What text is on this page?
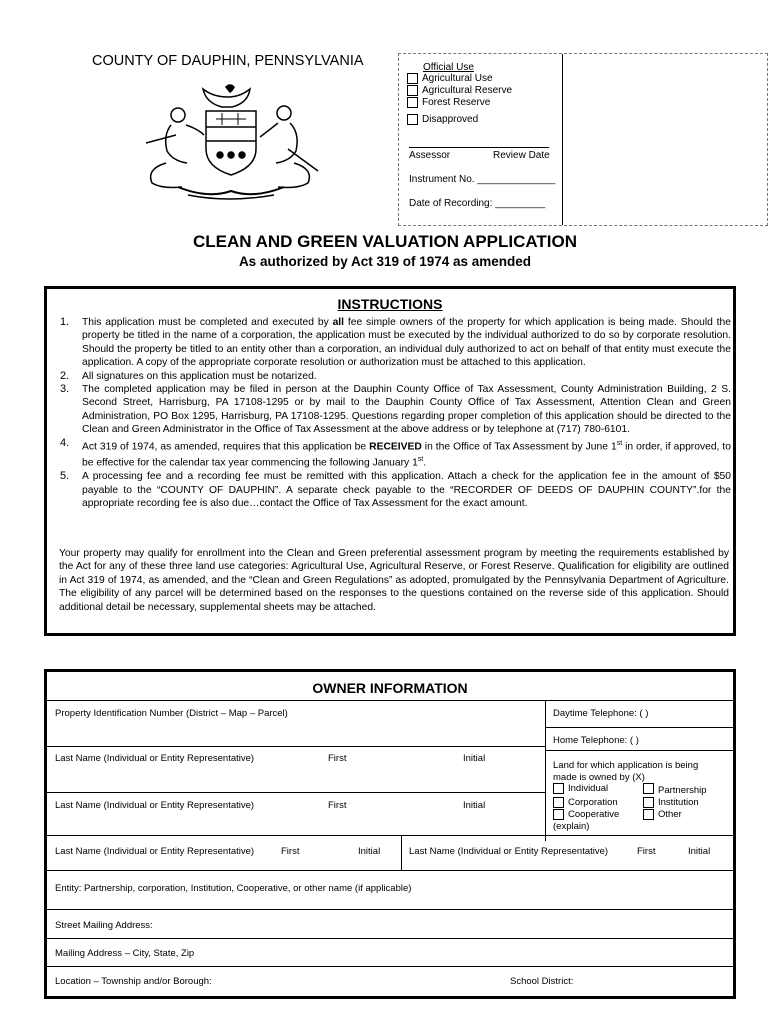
COUNTY OF DAUPHIN, PENNSYLVANIA	Official Use
Agricultural Use
Agricultural Reserve
Forest Reserve
Disapproved
Assessor	Review Date
Instrument No. ______________
Date of Recording: _________
CLEAN AND GREEN VALUATION APPLICATION
As authorized by Act 319 of 1974 as amended
INSTRUCTIONS
1. This application must be completed and executed by all fee simple owners of the property for which application is being made. Should the property be titled in the name of a corporation, the application must be executed by the individual authorized to do so by corporate resolution. Should the property be titled to an entity other than a corporation, an individual duly authorized to act on behalf of that entity must execute the application. A copy of the appropriate corporate resolution or authorization must be attached to this application.
2. All signatures on this application must be notarized.
3. The completed application may be filed in person at the Dauphin County Office of Tax Assessment, County Administration Building, 2 S. Second Street, Harrisburg, PA 17108-1295 or by mail to the Dauphin County Office of Tax Assessment, Attention Clean and Green Administration, PO Box 1295, Harrisburg, PA 17108-1295. Questions regarding proper completion of this application should be directed to the Clean and Green Administrator in the Office of Tax Assessment at the above address or by telephone at (717) 780-6101.
4. Act 319 of 1974, as amended, requires that this application be RECEIVED in the Office of Tax Assessment by June 1st in order, if approved, to be effective for the calendar tax year commencing the following January 1st.
5. A processing fee and a recording fee must be remitted with this application. Attach a check for the application fee in the amount of $50 payable to the “COUNTY OF DAUPHIN”. A separate check payable to the “RECORDER OF DEEDS OF DAUPHIN COUNTY”.for the appropriate recording fee is also due…contact the Office of Tax Assessment for the exact amount.

Your property may qualify for enrollment into the Clean and Green preferential assessment program by meeting the requirements established by the Act for any of these three land use categories: Agricultural Use, Agricultural Reserve, or Forest Reserve. Qualification for eligibility are outlined in Act 319 of 1974, as amended, and the “Clean and Green Regulations” as adopted, promulgated by the Pennsylvania Department of Agriculture. The eligibility of any parcel will be determined based on the responses to the questions contained on the reverse side of this application. Should additional detail be necessary, supplemental sheets may be attached.

OWNER INFORMATION
Property Identification Number (District – Map – Parcel)	Daytime Telephone: ( )
Home Telephone: ( )
Last Name (Individual or Entity Representative)	First	Initial
Last Name (Individual or Entity Representative)	First	Initial
Land for which application is being
made is owned by (X)
Individual	Partnership
Corporation	Institution
Cooperative	Other
(explain)
Last Name (Individual or Entity Representative)	First	Initial	Last Name (Individual or Entity Representative)	First	Initial
Entity: Partnership, corporation, Institution, Cooperative, or other name (if applicable)
Street Mailing Address:
Mailing Address – City, State, Zip
Location – Township and/or Borough:	School District:
